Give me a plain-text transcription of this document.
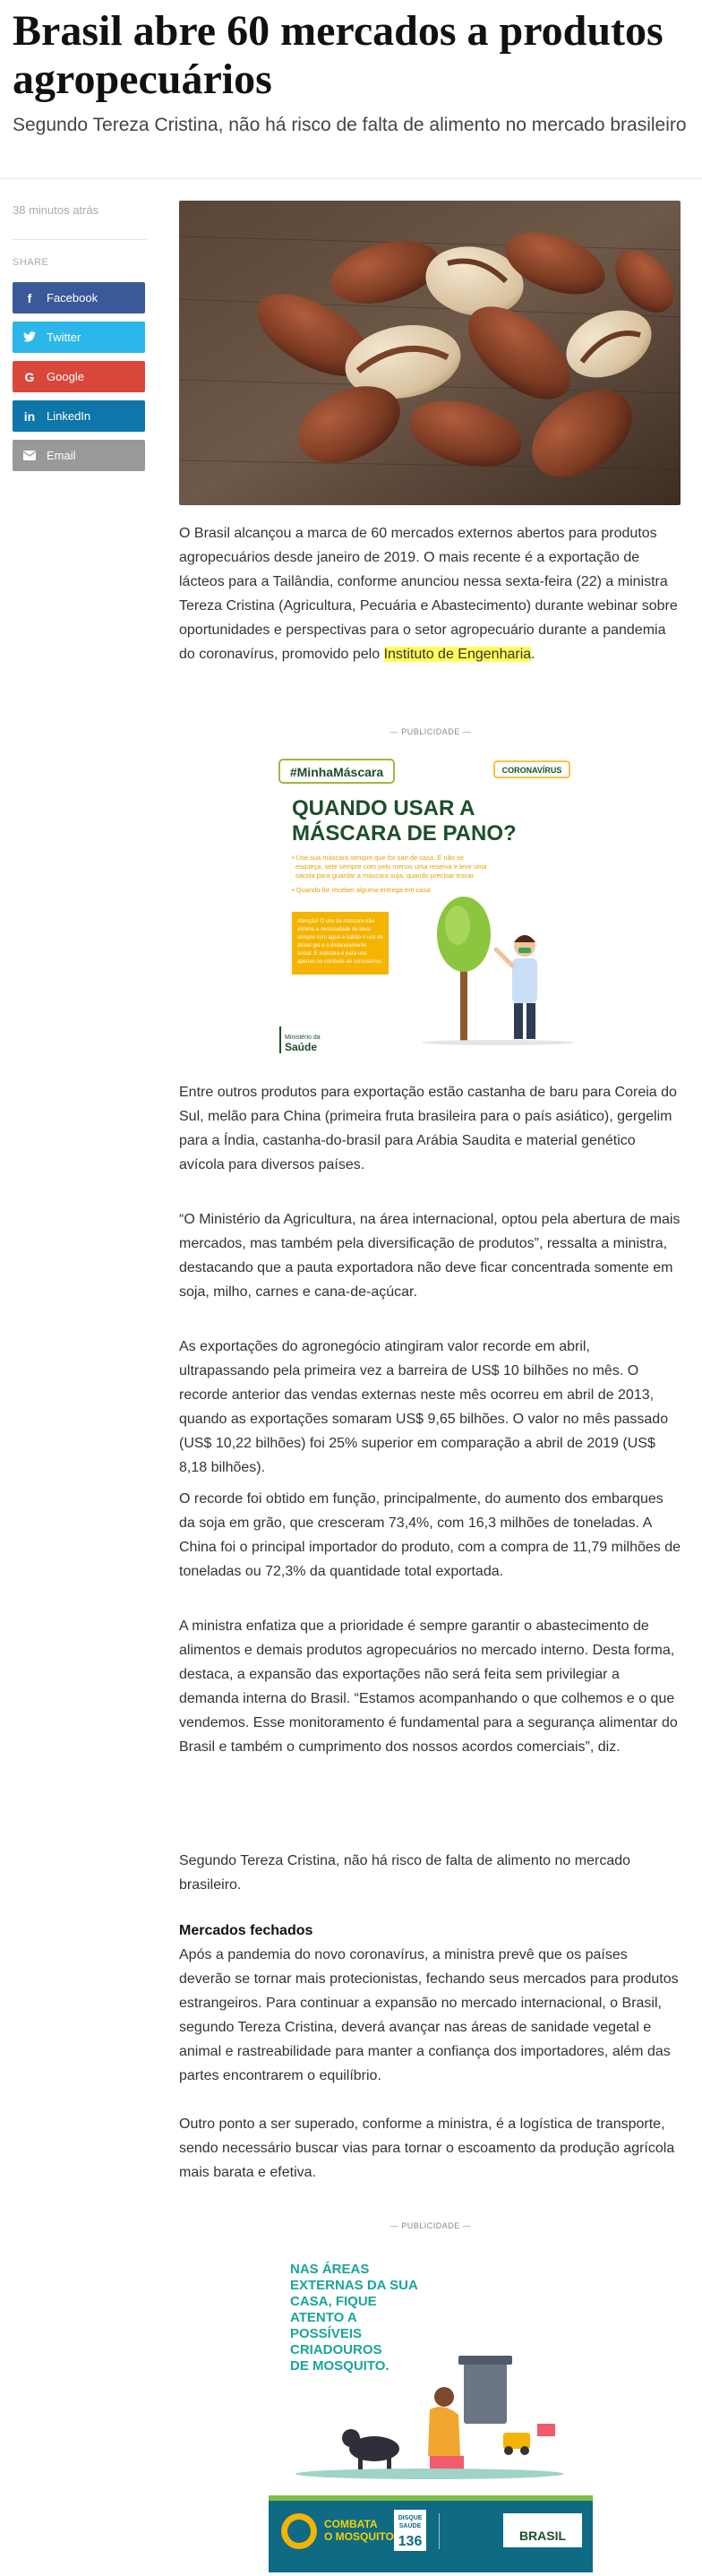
Brasil abre 60 mercados a produtos agropecuários

Segundo Tereza Cristina, não há risco de falta de alimento no mercado brasileiro

38 minutos atrás
SHARE
f	Facebook
Twitter
G	Google
in LinkedIn
Email

O Brasil alcançou a marca de 60 mercados externos abertos para produtos agropecuários desde janeiro de 2019. O mais recente é a exportação de lácteos para a Tailândia, conforme anunciou nessa sexta-feira (22) a ministra Tereza Cristina (Agricultura, Pecuária e Abastecimento) durante webinar sobre oportunidades e perspectivas para o setor agropecuário durante a pandemia do coronavírus, promovido pelo Instituto de Engenharia.

— PUBLICIDADE —
#MinhaMáscara	CORONAVÍRUS
QUANDO USAR A
MÁSCARA DE PANO?
• Use sua máscara sempre que for sair de casa. É não se
esqueça, sete sempre com pelo menos uma reserva e leve uma
sacola para guardar a máscara suja, quando precisar trocar.
• Quando for receber alguma entrega em casa
Atenção! O uso da máscara não
elimina a necessidade de lavar
sempre com água e sabão o uso de
álcool gel e o distanciamento
social. E máscara é para uso
apenas no combate ao coronavírus.
Ministério da
Saúde

Entre outros produtos para exportação estão castanha de baru para Coreia do Sul, melão para China (primeira fruta brasileira para o país asiático), gergelim para a Índia, castanha-do-brasil para Arábia Saudita e material genético avícola para diversos países.

“O Ministério da Agricultura, na área internacional, optou pela abertura de mais mercados, mas também pela diversificação de produtos”, ressalta a ministra, destacando que a pauta exportadora não deve ficar concentrada somente em soja, milho, carnes e cana-de-açúcar.

As exportações do agronegócio atingiram valor recorde em abril, ultrapassando pela primeira vez a barreira de US$ 10 bilhões no mês. O recorde anterior das vendas externas neste mês ocorreu em abril de 2013, quando as exportações somaram US$ 9,65 bilhões. O valor no mês passado (US$ 10,22 bilhões) foi 25% superior em comparação a abril de 2019 (US$ 8,18 bilhões).

O recorde foi obtido em função, principalmente, do aumento dos embarques da soja em grão, que cresceram 73,4%, com 16,3 milhões de toneladas. A China foi o principal importador do produto, com a compra de 11,79 milhões de toneladas ou 72,3% da quantidade total exportada.

A ministra enfatiza que a prioridade é sempre garantir o abastecimento de alimentos e demais produtos agropecuários no mercado interno. Desta forma, destaca, a expansão das exportações não será feita sem privilegiar a demanda interna do Brasil. “Estamos acompanhando o que colhemos e o que vendemos. Esse monitoramento é fundamental para a segurança alimentar do Brasil e também o cumprimento dos nossos acordos comerciais”, diz.

Segundo Tereza Cristina, não há risco de falta de alimento no mercado brasileiro.

Mercados fechados
Após a pandemia do novo coronavírus, a ministra prevê que os países deverão se tornar mais protecionistas, fechando seus mercados para produtos estrangeiros. Para continuar a expansão no mercado internacional, o Brasil, segundo Tereza Cristina, deverá avançar nas áreas de sanidade vegetal e animal e rastreabilidade para manter a confiança dos importadores, além das partes encontrarem o equilíbrio.

Outro ponto a ser superado, conforme a ministra, é a logística de transporte, sendo necessário buscar vias para tornar o escoamento da produção agrícola mais barata e efetiva.

— PUBLICIDADE —
NAS ÁREAS
EXTERNAS DA SUA
CASA, FIQUE
ATENTO A
POSSÍVEIS
CRIADOUROS
DE MOSQUITO.
COMBATA
O MOSQUITO
DISQUE
SAÚDE
136	BRASIL
